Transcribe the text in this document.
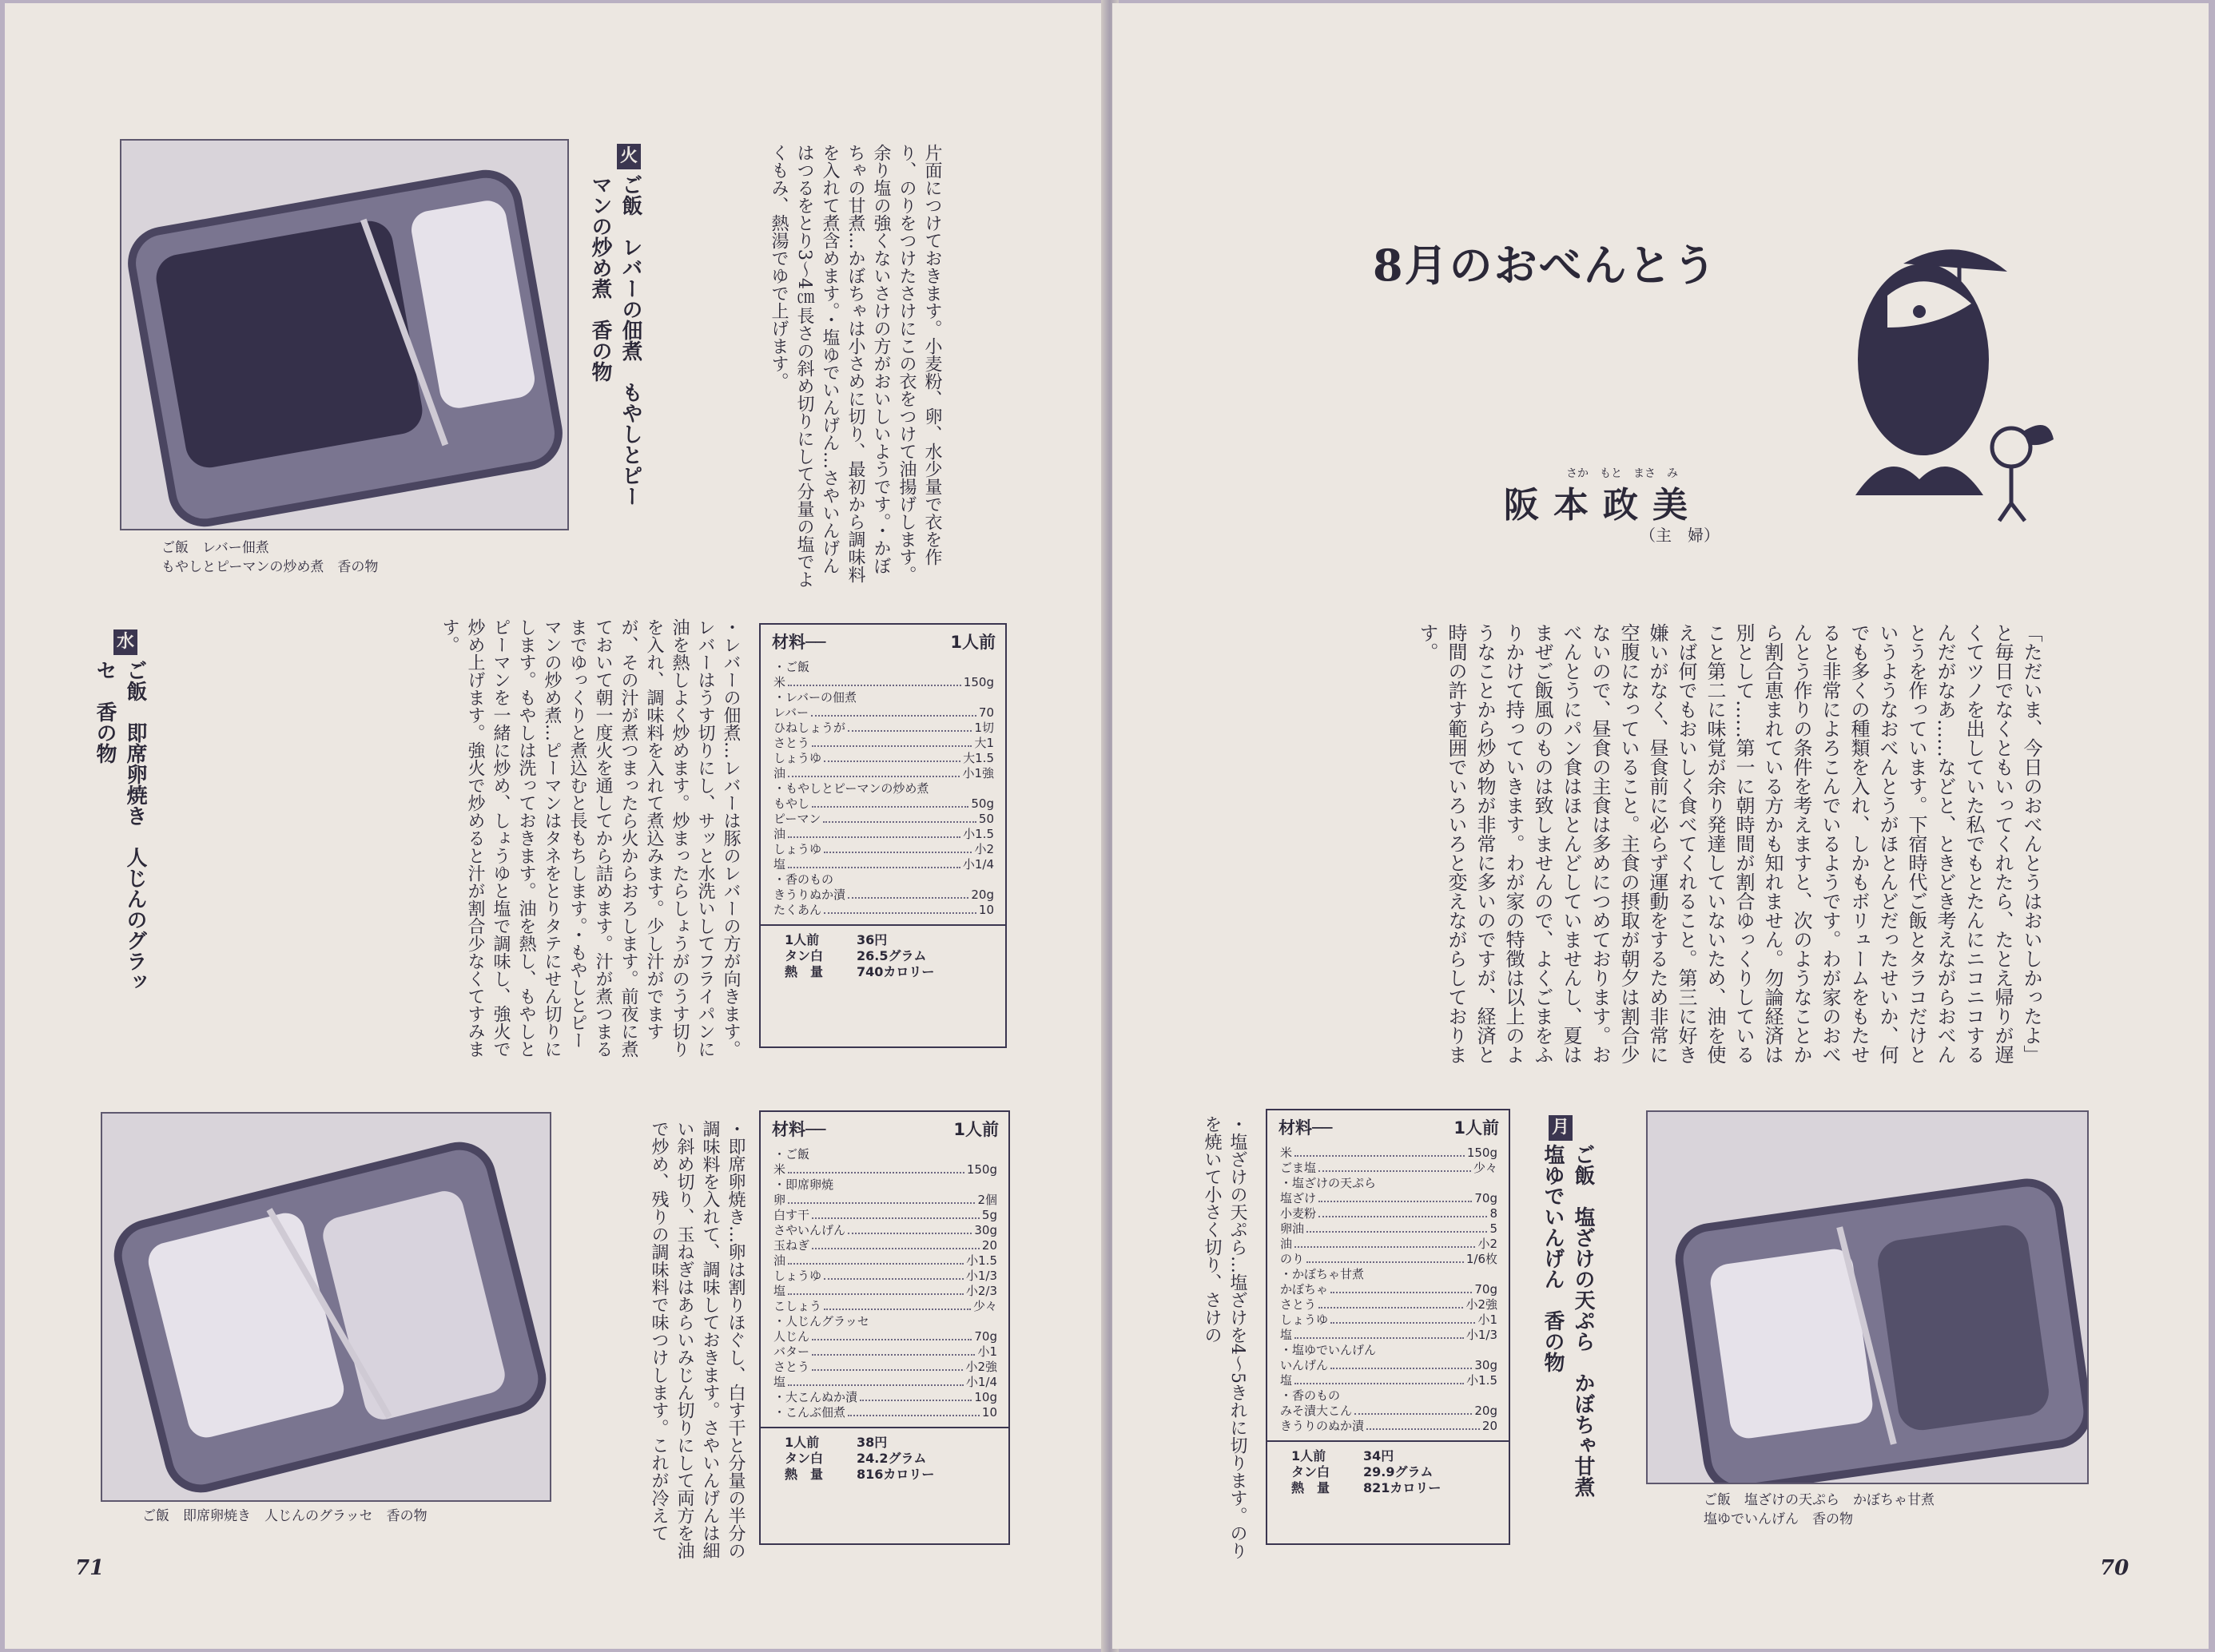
ご飯　レバー佃煮
もやしとピーマンの炒め煮　香の物
火
ご飯　レバーの佃煮　もやしとピーマンの炒め煮　香の物	片面につけておきます。小麦粉、卵、水少量で衣を作り、のりをつけたさけにこの衣をつけて油揚げします。余り塩の強くないさけの方がおいしいようです。・かぼちゃの甘煮…かぼちゃは小さめに切り、最初から調味料を入れて煮含めます。・塩ゆでいんげん…さやいんげんはつるをとり3〜4㎝長さの斜め切りにして分量の塩でよくもみ、熱湯でゆで上げます。
材料──	1人前
・ご飯
米	150g
・レバーの佃煮
レバー	70
ひねしょうが	1切
さとう	大1
しょうゆ	大1.5
油	小1強
・もやしとピーマンの炒め煮
もやし	50g
ピーマン	50
油	小1.5
しょうゆ	小2
塩	小1/4
・香のもの
きうりぬか漬	20g
たくあん	10
1人前	36円
タン白	26.5グラム
熱　量	740カロリー
・レバーの佃煮…レバーは豚のレバーの方が向きます。レバーはうす切りにし、サッと水洗いしてフライパンに油を熱しよく炒めます。炒まったらしょうがのうす切りを入れ、調味料を入れて煮込みます。少し汁がでますが、その汁が煮つまったら火からおろします。前夜に煮ておいて朝一度火を通してから詰めます。汁が煮つまるまでゆっくりと煮込むと長もちします。・もやしとピーマンの炒め煮…ピーマンはタネをとりタテにせん切りにします。もやしは洗っておきます。油を熱し、もやしとピーマンを一緒に炒め、しょうゆと塩で調味し、強火で炒め上げます。強火で炒めると汁が割合少なくてすみます。
水
ご飯　即席卵焼き　人じんのグラッセ　香の物
ご飯　即席卵焼き　人じんのグラッセ　香の物
材料──	1人前
・ご飯
米	150g
・即席卵焼
卵	2個
白す干	5g
さやいんげん	30g
玉ねぎ	20
油	小1.5
しょうゆ	小1/3
塩	小2/3
こしょう	少々
・人じんグラッセ
人じん	70g
バター	小1
さとう	小2強
塩	小1/4
・大こんぬか漬	10g
・こんぶ佃煮	10
1人前	38円
タン白	24.2グラム
熱　量	816カロリー
・即席卵焼き…卵は割りほぐし、白す干と分量の半分の調味料を入れて、調味しておきます。さやいんげんは細い斜め切り、玉ねぎはあらいみじん切りにして両方を油で炒め、残りの調味料で味つけします。これが冷えて
71
8月のおべんとう
さか　もと　まさ　み
阪本政美
（主　婦）
「ただいま、今日のおべんとうはおいしかったよ」と毎日でなくともいってくれたら、たとえ帰りが遅くてツノを出していた私でもとたんにニコニコするんだがなあ……などと、ときどき考えながらおべんとうを作っています。下宿時代ご飯とタラコだけというようなおべんとうがほとんどだったせいか、何でも多くの種類を入れ、しかもボリュームをもたせると非常によろこんでいるようです。わが家のおべんとう作りの条件を考えますと、次のようなことから割合恵まれている方かも知れません。勿論経済は別として……第一に朝時間が割合ゆっくりしていること第二に味覚が余り発達していないため、油を使えば何でもおいしく食べてくれること。第三に好き嫌いがなく、昼食前に必らず運動をするため非常に空腹になっていること。主食の摂取が朝夕は割合少ないので、昼食の主食は多めにつめております。おべんとうにパン食はほとんどしていませんし、夏はまぜご飯風のものは致しませんので、よくごまをふりかけて持っていきます。わが家の特徴は以上のようなことから炒め物が非常に多いのですが、経済と時間の許す範囲でいろいろと変えながらしております。
ご飯　塩ざけの天ぷら　かぼちゃ甘煮
塩ゆでいんげん　香の物
月
ご飯　塩ざけの天ぷら　かぼちゃ甘煮　塩ゆでいんげん　香の物
材料──	1人前
米	150g
ごま塩	少々
・塩ざけの天ぷら
塩ざけ	70g
小麦粉	8
卵油	5
油	小2
のり	1/6枚
・かぼちゃ甘煮
かぼちゃ	70g
さとう	小2強
しょうゆ	小1
塩	小1/3
・塩ゆでいんげん
いんげん	30g
塩	小1.5
・香のもの
みそ漬大こん	20g
きうりのぬか漬	20
1人前	34円
タン白	29.9グラム
熱　量	821カロリー
・塩ざけの天ぷら…塩ざけを4〜5きれに切ります。のりを焼いて小さく切り、さけの
70
